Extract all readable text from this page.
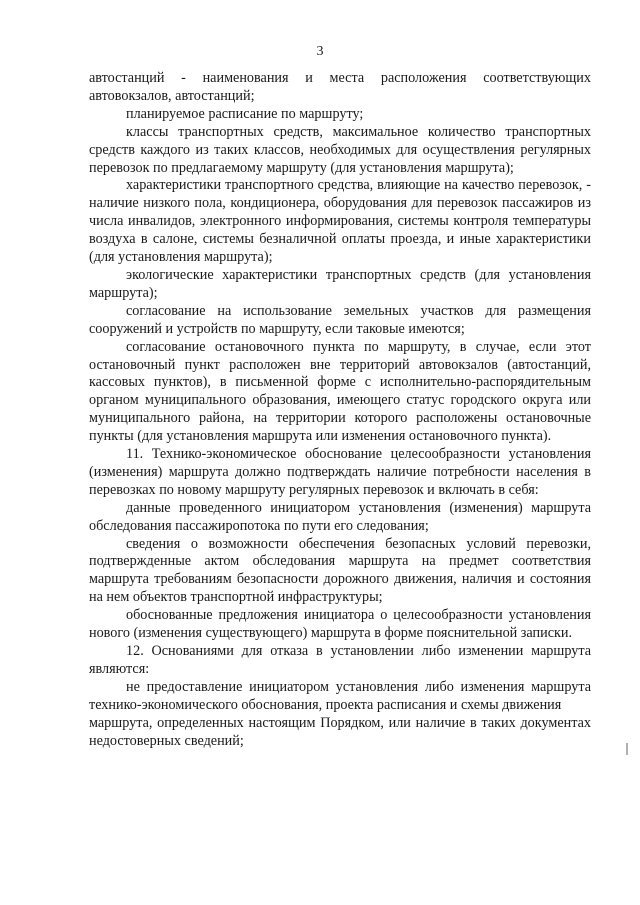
3

автостанций - наименования и места расположения соответствующих автовокзалов, автостанций;

планируемое расписание по маршруту;

классы транспортных средств, максимальное количество транспортных средств каждого из таких классов, необходимых для осуществления регулярных перевозок по предлагаемому маршруту (для установления маршрута);

характеристики транспортного средства, влияющие на качество перевозок, - наличие низкого пола, кондиционера, оборудования для перевозок пассажиров из числа инвалидов, электронного информирования, системы контроля температуры воздуха в салоне, системы безналичной оплаты проезда, и иные характеристики (для установления маршрута);

экологические характеристики транспортных средств (для установления маршрута);

согласование на использование земельных участков для размещения сооружений и устройств по маршруту, если таковые имеются;

согласование остановочного пункта по маршруту, в случае, если этот остановочный пункт расположен вне территорий автовокзалов (автостанций, кассовых пунктов), в письменной форме с исполнительно-распорядительным органом муниципального образования, имеющего статус городского округа или муниципального района, на территории которого расположены остановочные пункты (для установления маршрута или изменения остановочного пункта).

11. Технико-экономическое обоснование целесообразности установления (изменения) маршрута должно подтверждать наличие потребности населения в перевозках по новому маршруту регулярных перевозок и включать в себя:

данные проведенного инициатором установления (изменения) маршрута обследования пассажиропотока по пути его следования;

сведения о возможности обеспечения безопасных условий перевозки, подтвержденные актом обследования маршрута на предмет соответствия маршрута требованиям безопасности дорожного движения, наличия и состояния на нем объектов транспортной инфраструктуры;

обоснованные предложения инициатора о целесообразности установления нового (изменения существующего) маршрута в форме пояснительной записки.

12. Основаниями для отказа в установлении либо изменении маршрута являются:

не предоставление инициатором установления либо изменения маршрута технико-экономического обоснования, проекта расписания и схемы движения

маршрута, определенных настоящим Порядком, или наличие в таких документах недостоверных сведений;
